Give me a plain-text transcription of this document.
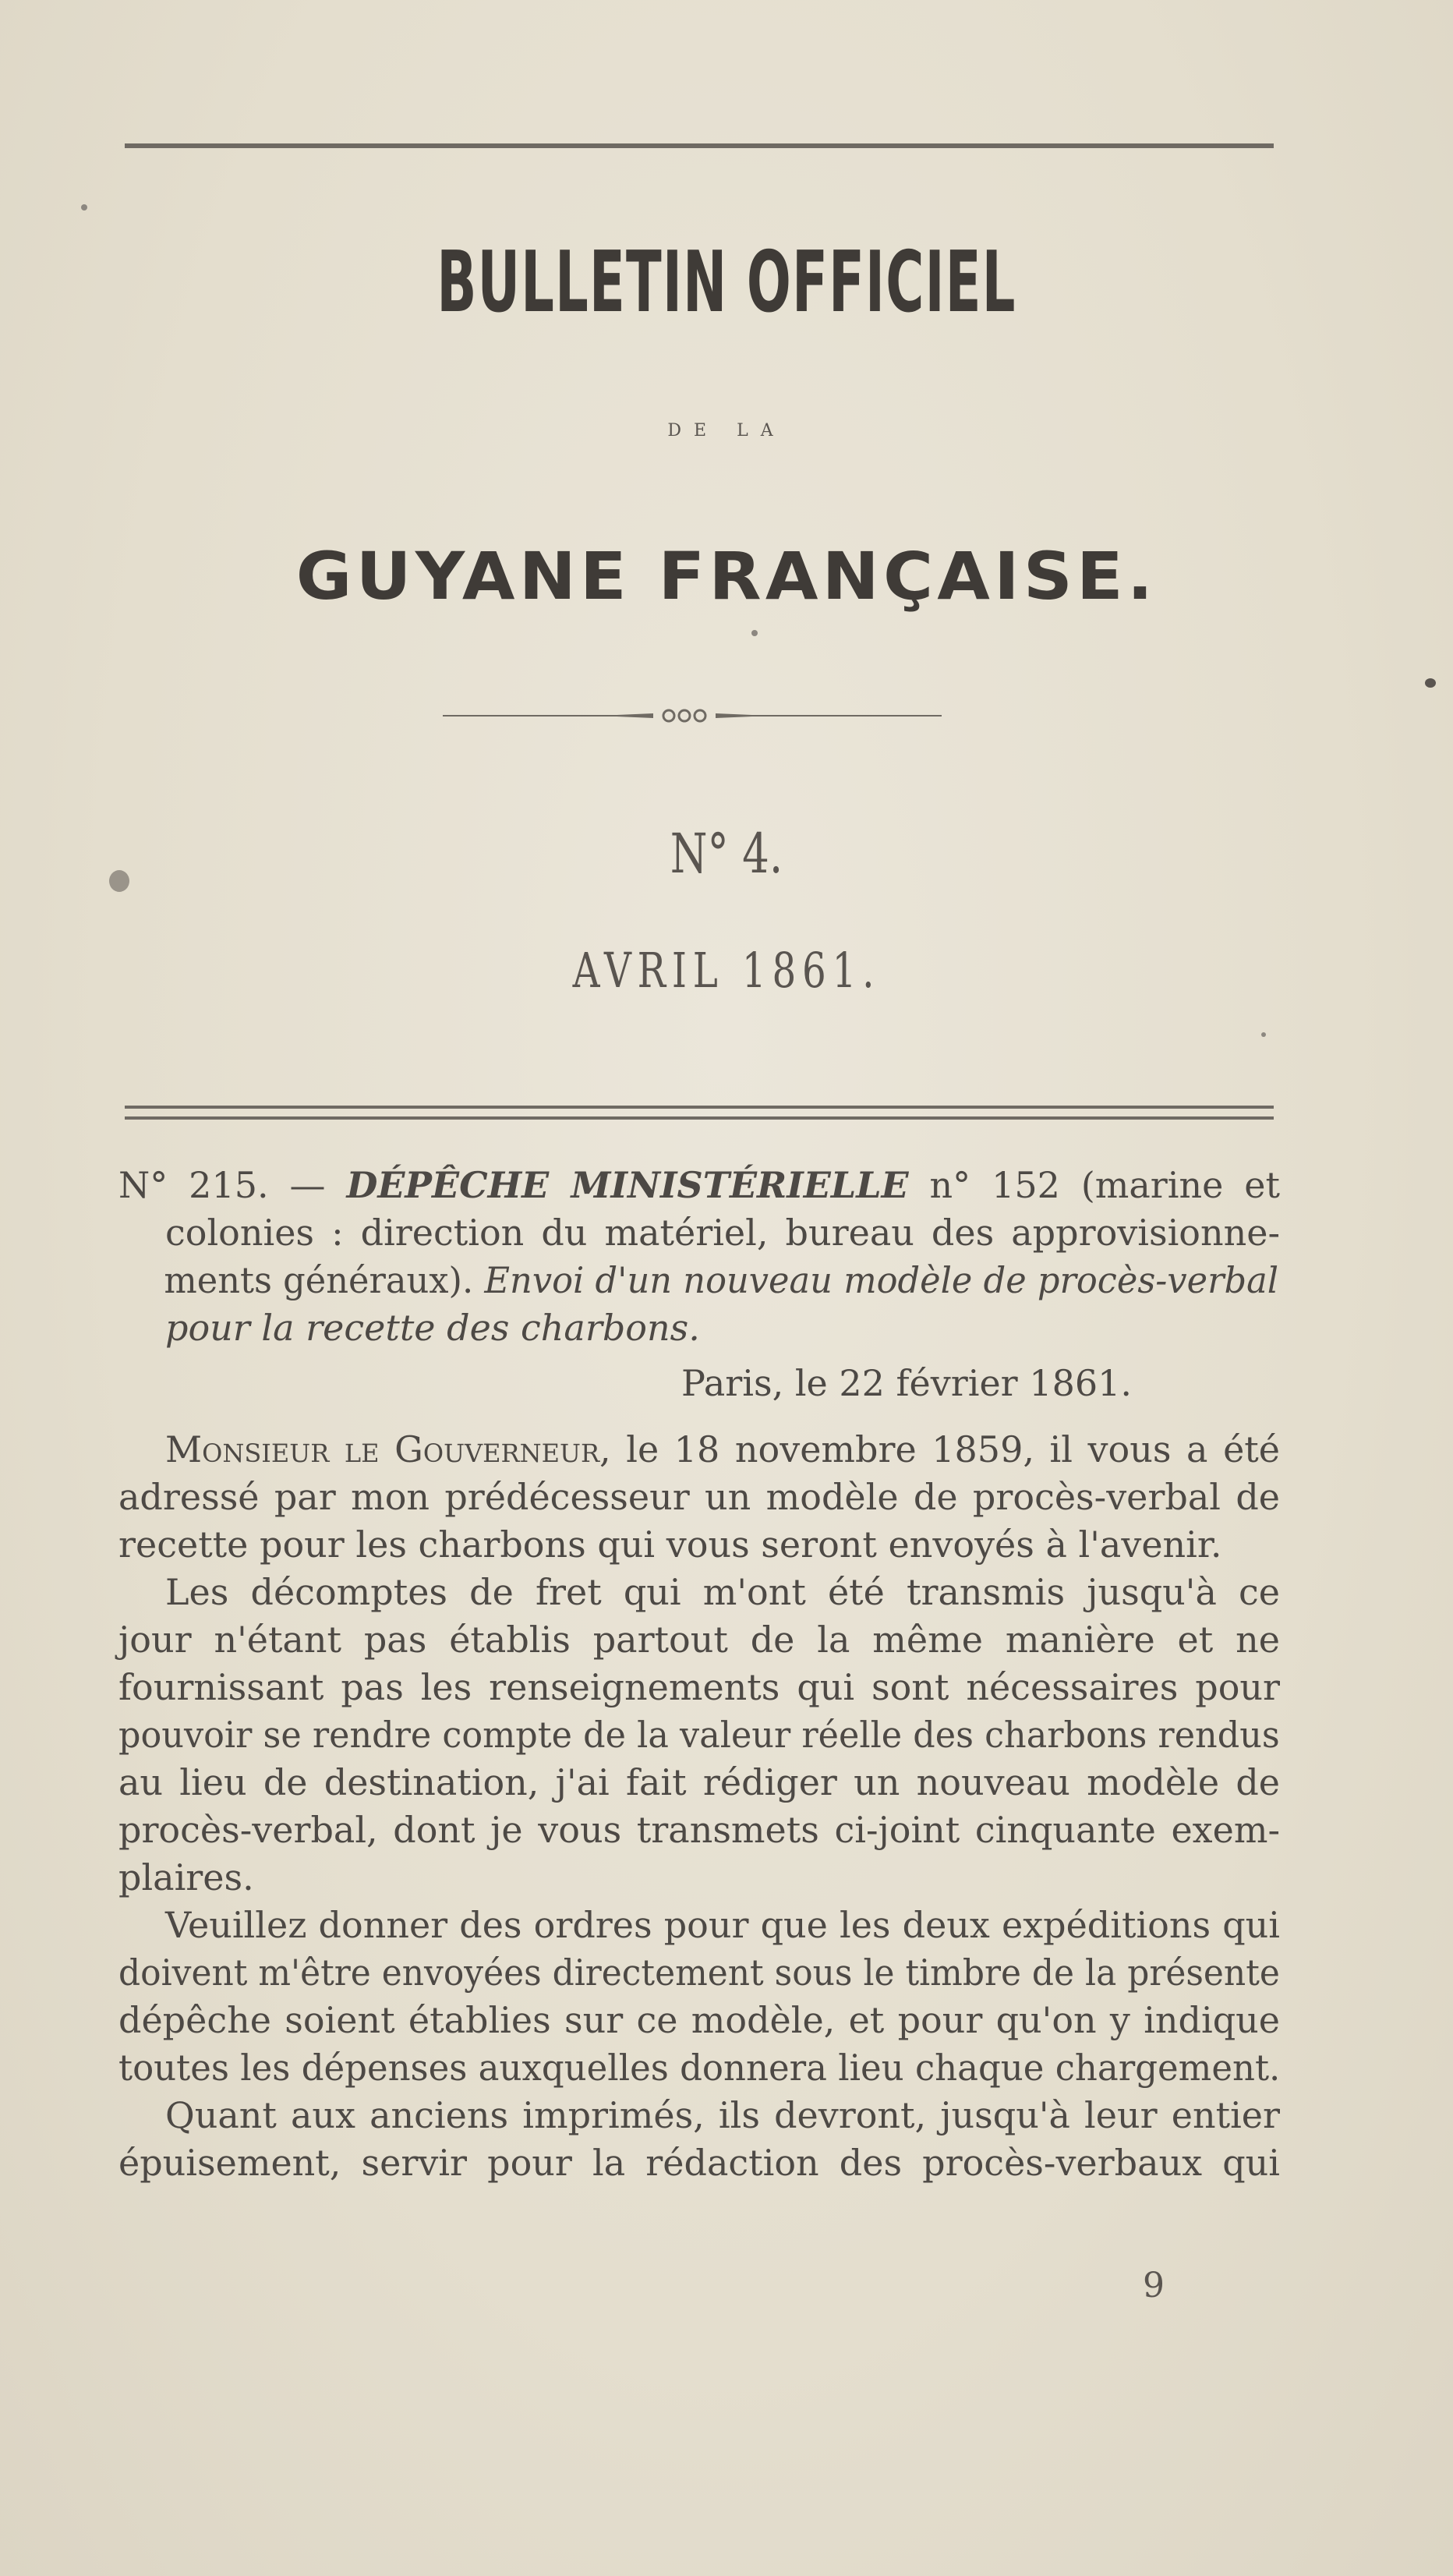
BULLETIN OFFICIEL
DE LA
GUYANE FRANÇAISE.
N° 4.
AVRIL 1861.
N° 215. — DÉPÊCHE MINISTÉRIELLE n° 152 (marine et
colonies : direction du matériel, bureau des approvisionne-
ments généraux). Envoi d'un nouveau modèle de procès-verbal
pour la recette des charbons.
Paris, le 22 février 1861.
Monsieur le Gouverneur, le 18 novembre 1859, il vous a été
adressé par mon prédécesseur un modèle de procès-verbal de
recette pour les charbons qui vous seront envoyés à l'avenir.
Les décomptes de fret qui m'ont été transmis jusqu'à ce
jour n'étant pas établis partout de la même manière et ne
fournissant pas les renseignements qui sont nécessaires pour
pouvoir se rendre compte de la valeur réelle des charbons rendus
au lieu de destination, j'ai fait rédiger un nouveau modèle de
procès-verbal, dont je vous transmets ci-joint cinquante exem-
plaires.
Veuillez donner des ordres pour que les deux expéditions qui
doivent m'être envoyées directement sous le timbre de la présente
dépêche soient établies sur ce modèle, et pour qu'on y indique
toutes les dépenses auxquelles donnera lieu chaque chargement.
Quant aux anciens imprimés, ils devront, jusqu'à leur entier
épuisement, servir pour la rédaction des procès-verbaux qui
9
